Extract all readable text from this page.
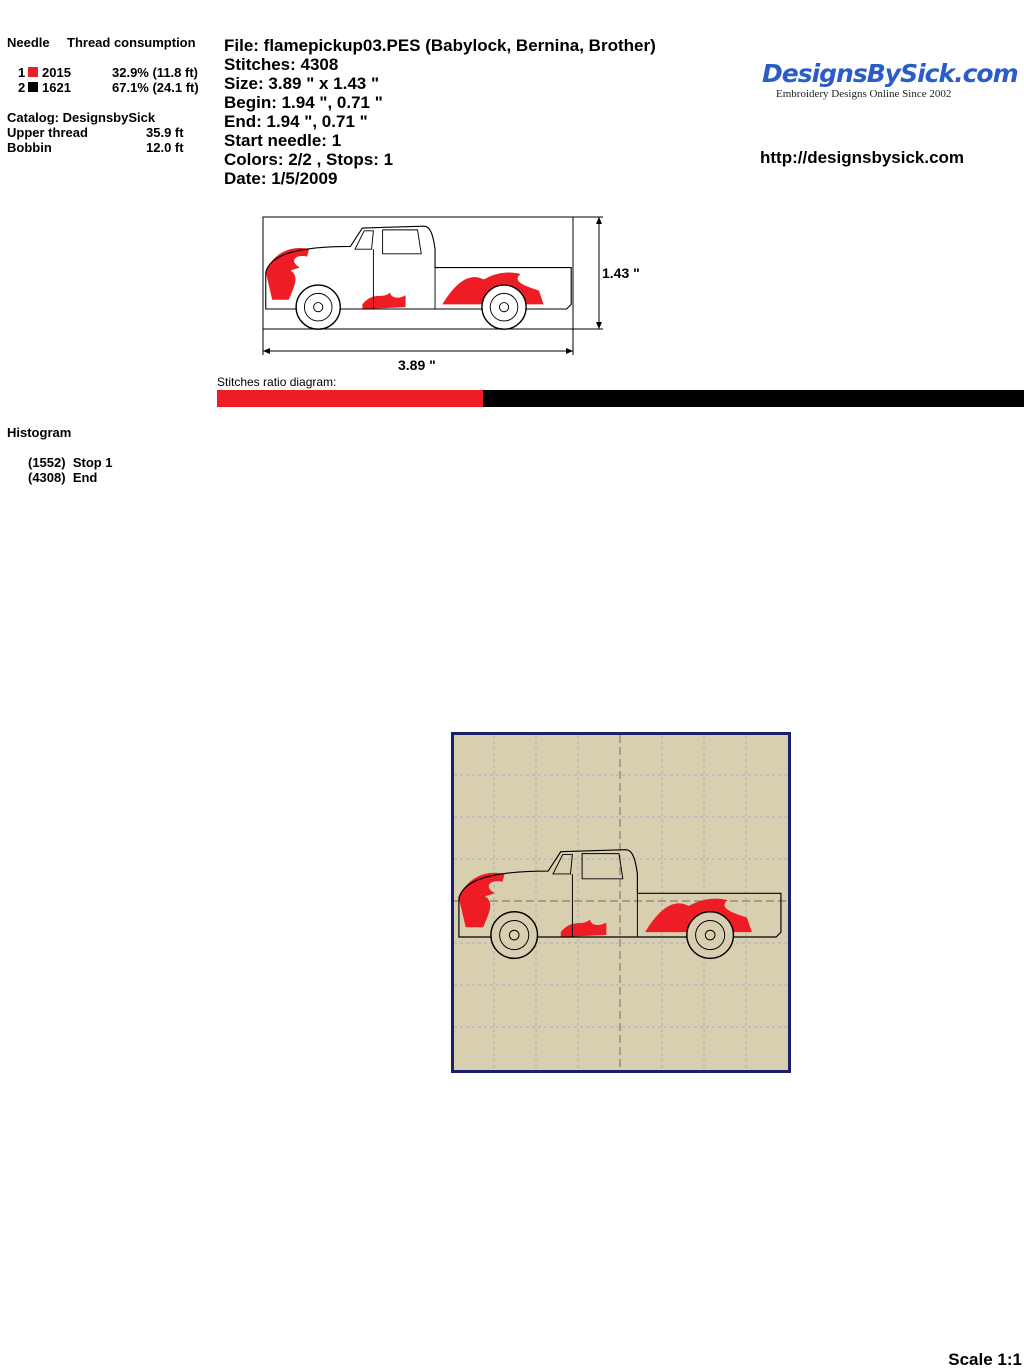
Needle Thread consumption
1 2015	32.9% (11.8 ft)
2 1621	67.1% (24.1 ft)
Catalog: DesignsbySick
Upper thread	35.9 ft
Bobbin	12.0 ft
File: flamepickup03.PES (Babylock, Bernina, Brother)
Stitches: 4308
Size: 3.89 " x 1.43 "
Begin: 1.94 ", 0.71 "
End: 1.94 ", 0.71 "
Start needle: 1
Colors: 2/2 , Stops: 1
Date: 1/5/2009
DesignsBySick.com
Embroidery Designs Online Since 2002
http://designsbysick.com
1.43 "
3.89 "
Stitches ratio diagram:
Histogram
(1552) Stop 1
(4308) End
Scale 1:1
